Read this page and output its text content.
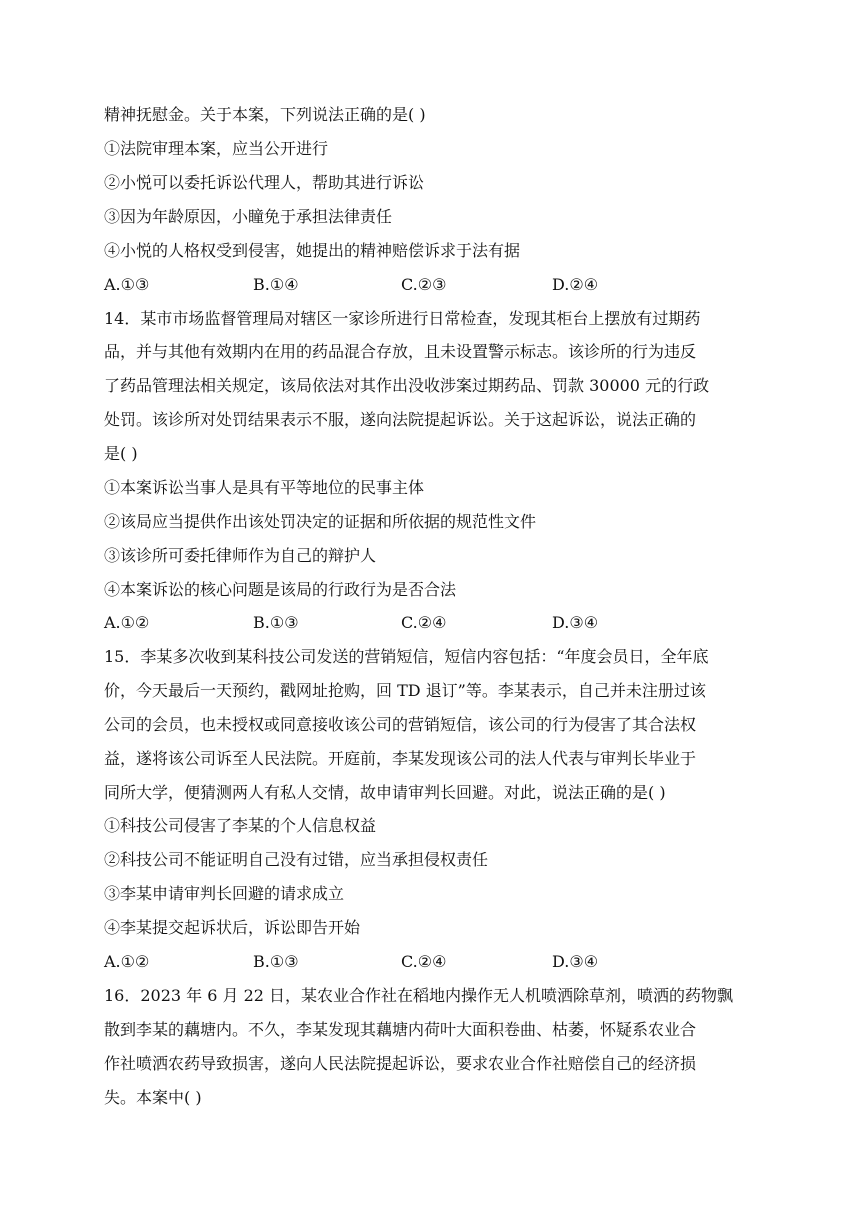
精神抚慰金。关于本案，下列说法正确的是( )
①法院审理本案，应当公开进行
②小悦可以委托诉讼代理人，帮助其进行诉讼
③因为年龄原因，小瞳免于承担法律责任
④小悦的人格权受到侵害，她提出的精神赔偿诉求于法有据
A.①③	B.①④	C.②③	D.②④
14．某市市场监督管理局对辖区一家诊所进行日常检查，发现其柜台上摆放有过期药
品，并与其他有效期内在用的药品混合存放，且未设置警示标志。该诊所的行为违反
了药品管理法相关规定，该局依法对其作出没收涉案过期药品、罚款 30000 元的行政
处罚。该诊所对处罚结果表示不服，遂向法院提起诉讼。关于这起诉讼，说法正确的
是( )
①本案诉讼当事人是具有平等地位的民事主体
②该局应当提供作出该处罚决定的证据和所依据的规范性文件
③该诊所可委托律师作为自己的辩护人
④本案诉讼的核心问题是该局的行政行为是否合法
A.①②	B.①③	C.②④	D.③④
15．李某多次收到某科技公司发送的营销短信，短信内容包括：“年度会员日，全年底
价，今天最后一天预约，戳网址抢购，回 TD 退订”等。李某表示，自己并未注册过该
公司的会员，也未授权或同意接收该公司的营销短信，该公司的行为侵害了其合法权
益，遂将该公司诉至人民法院。开庭前，李某发现该公司的法人代表与审判长毕业于
同所大学，便猜测两人有私人交情，故申请审判长回避。对此，说法正确的是( )
①科技公司侵害了李某的个人信息权益
②科技公司不能证明自己没有过错，应当承担侵权责任
③李某申请审判长回避的请求成立
④李某提交起诉状后，诉讼即告开始
A.①②	B.①③	C.②④	D.③④
16．2023 年 6 月 22 日，某农业合作社在稻地内操作无人机喷洒除草剂，喷洒的药物飘
散到李某的藕塘内。不久，李某发现其藕塘内荷叶大面积卷曲、枯萎，怀疑系农业合
作社喷洒农药导致损害，遂向人民法院提起诉讼，要求农业合作社赔偿自己的经济损
失。本案中( )
